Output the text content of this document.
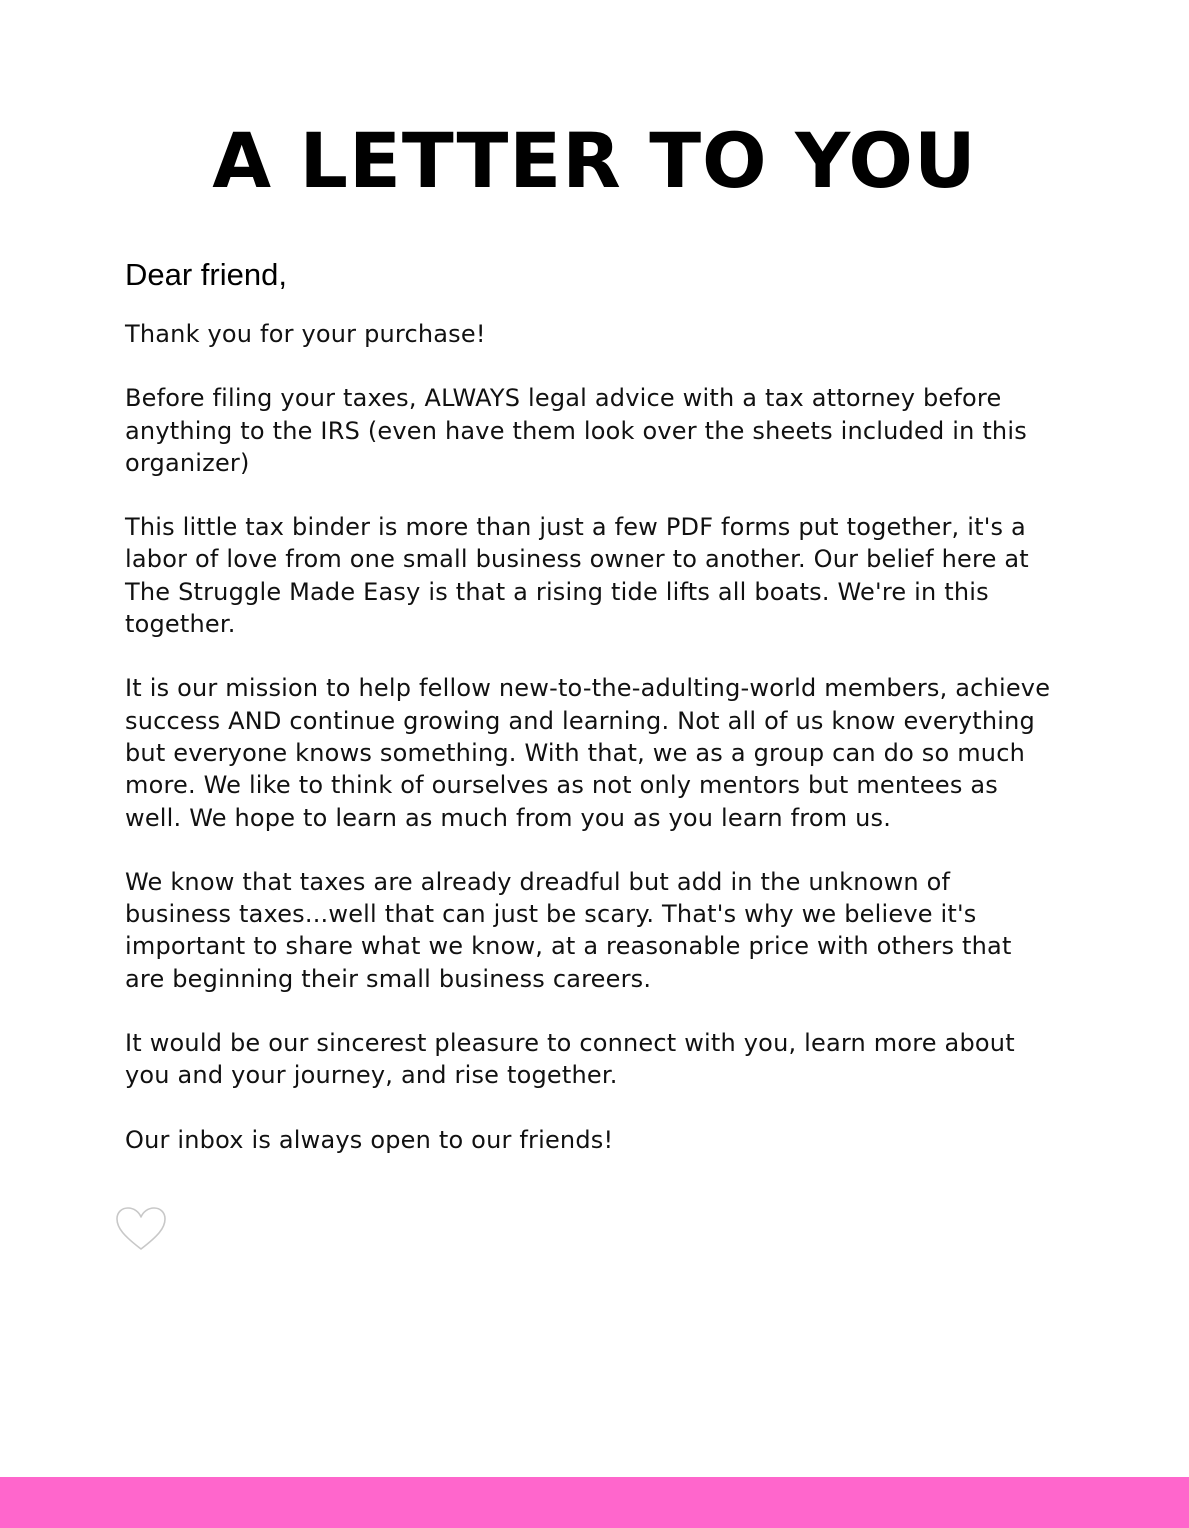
A LETTER TO YOU

Dear friend,

Thank you for your purchase!

Before filing your taxes, ALWAYS legal advice with a tax attorney before anything to the IRS (even have them look over the sheets included in this organizer)

This little tax binder is more than just a few PDF forms put together, it's a labor of love from one small business owner to another. Our belief here at The Struggle Made Easy is that a rising tide lifts all boats. We're in this together.

It is our mission to help fellow new-to-the-adulting-world members, achieve success AND continue growing and learning. Not all of us know everything but everyone knows something. With that, we as a group can do so much more. We like to think of ourselves as not only mentors but mentees as well. We hope to learn as much from you as you learn from us.

We know that taxes are already dreadful but add in the unknown of business taxes...well that can just be scary. That's why we believe it's important to share what we know, at a reasonable price with others that are beginning their small business careers.

It would be our sincerest pleasure to connect with you, learn more about you and your journey, and rise together.

Our inbox is always open to our friends!
